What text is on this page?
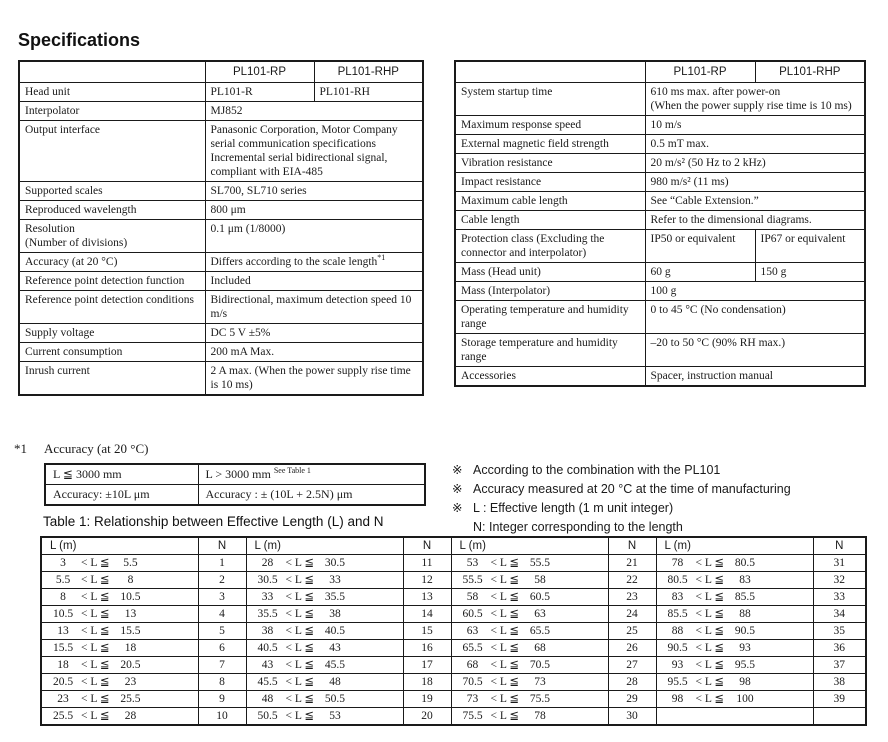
Specifications
	PL101-RP	PL101-RHP
Head unit	PL101-R	PL101-RH
Interpolator	MJ852	
Output interface	Panasonic Corporation, Motor Company serial communication specifications
Incremental serial bidirectional signal, compliant with EIA-485	
Supported scales	SL700, SL710 series	
Reproduced wavelength	800 μm	
Resolution
(Number of divisions)	0.1 μm (1/8000)	
Accuracy (at 20 °C)	Differs according to the scale length$^{*1}$
Reference point detection function	Included	
Reference point detection conditions	Bidirectional, maximum detection speed 10 m/s	
Supply voltage	DC 5 V ±5%	
Current consumption	200 mA Max.	
Inrush current	2 A max. (When the power supply rise time is 10 ms)	
	PL101-RP	PL101-RHP
System startup time	610 ms max. after power-on
(When the power supply rise time is 10 ms)	
Maximum response speed	10 m/s	
External magnetic field strength	0.5 mT max.	
Vibration resistance	20 m/s² (50 Hz to 2 kHz)	
Impact resistance	980 m/s² (11 ms)	
Maximum cable length	See “Cable Extension.”	
Cable length	Refer to the dimensional diagrams.	
Protection class (Excluding the connector and interpolator)	IP50 or equivalent	IP67 or equivalent
Mass (Head unit)	60 g	150 g
Mass (Interpolator)	100 g	
Operating temperature and humidity range	0 to 45 °C (No condensation)	
Storage temperature and humidity range	–20 to 50 °C (90% RH max.)	
Accessories	Spacer, instruction manual	
*1	Accuracy (at 20 °C)
L ≦ 3000 mm	L > 3000 mm $^{See Table 1}$
Accuracy: ±10L μm	Accuracy : ± (10L + 2.5N) μm
※ According to the combination with the PL101
※ Accuracy measured at 20 °C at the time of manufacturing
※ L : Effective length (1 m unit integer)
N: Integer corresponding to the length
Table 1: Relationship between Effective Length (L) and N
L (m)	N	L (m)	N	L (m)	N	L (m)	N
3 < L ≦ 5.5	1	28 < L ≦ 30.5	11	53 < L ≦ 55.5	21	78 < L ≦ 80.5	31
5.5 < L ≦ 8	2	30.5 < L ≦ 33	12	55.5 < L ≦ 58	22	80.5 < L ≦ 83	32
8 < L ≦ 10.5	3	33 < L ≦ 35.5	13	58 < L ≦ 60.5	23	83 < L ≦ 85.5	33
10.5 < L ≦ 13	4	35.5 < L ≦ 38	14	60.5 < L ≦ 63	24	85.5 < L ≦ 88	34
13 < L ≦ 15.5	5	38 < L ≦ 40.5	15	63 < L ≦ 65.5	25	88 < L ≦ 90.5	35
15.5 < L ≦ 18	6	40.5 < L ≦ 43	16	65.5 < L ≦ 68	26	90.5 < L ≦ 93	36
18 < L ≦ 20.5	7	43 < L ≦ 45.5	17	68 < L ≦ 70.5	27	93 < L ≦ 95.5	37
20.5 < L ≦ 23	8	45.5 < L ≦ 48	18	70.5 < L ≦ 73	28	95.5 < L ≦ 98	38
23 < L ≦ 25.5	9	48 < L ≦ 50.5	19	73 < L ≦ 75.5	29	98 < L ≦ 100	39
25.5 < L ≦ 28	10	50.5 < L ≦ 53	20	75.5 < L ≦ 78	30		
